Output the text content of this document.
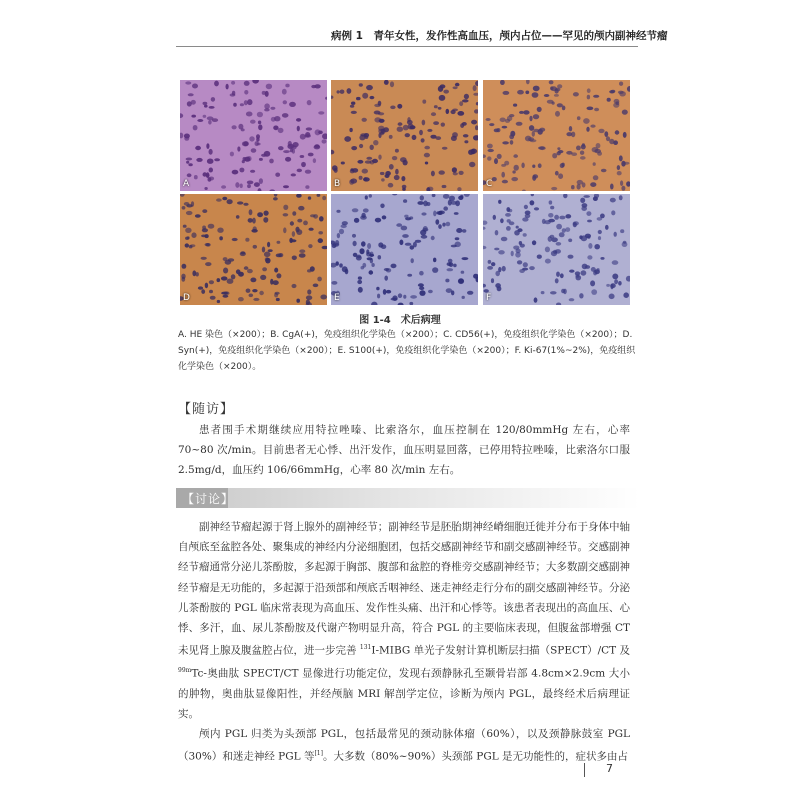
病例 1　青年女性，发作性高血压，颅内占位——罕见的颅内副神经节瘤
A	B	C
D	E	F
图 1-4　术后病理
A. HE 染色（×200）；B. CgA(+)，免疫组织化学染色（×200）；C. CD56(+)，免疫组织化学染色（×200）；D. Syn(+)，免疫组织化学染色（×200）；E. S100(+)，免疫组织化学染色（×200）；F. Ki-67(1%~2%)，免疫组织化学染色（×200）。
【随访】

患者围手术期继续应用特拉唑嗪、比索洛尔，血压控制在 120/80mmHg 左右，心率 70~80 次/min。目前患者无心悸、出汗发作，血压明显回落，已停用特拉唑嗪，比索洛尔口服 2.5mg/d，血压约 106/66mmHg，心率 80 次/min 左右。

【讨论】

副神经节瘤起源于肾上腺外的副神经节；副神经节是胚胎期神经嵴细胞迁徙并分布于身体中轴自颅底至盆腔各处、聚集成的神经内分泌细胞团，包括交感副神经节和副交感副神经节。交感副神经节瘤通常分泌儿茶酚胺，多起源于胸部、腹部和盆腔的脊椎旁交感副神经节；大多数副交感副神经节瘤是无功能的，多起源于沿颈部和颅底舌咽神经、迷走神经走行分布的副交感副神经节。分泌儿茶酚胺的 PGL 临床常表现为高血压、发作性头痛、出汗和心悸等。该患者表现出的高血压、心悸、多汗，血、尿儿茶酚胺及代谢产物明显升高，符合 PGL 的主要临床表现，但腹盆部增强 CT 未见肾上腺及腹盆腔占位，进一步完善 $^{131}$I-MIBG 单光子发射计算机断层扫描（SPECT）/CT 及 $^{99m}$Tc-奥曲肽 SPECT/CT 显像进行功能定位，发现右颈静脉孔至颞骨岩部 4.8cm×2.9cm 大小的肿物，奥曲肽显像阳性，并经颅脑 MRI 解剖学定位，诊断为颅内 PGL，最终经术后病理证实。

颅内 PGL 归类为头颈部 PGL，包括最常见的颈动脉体瘤（60%），以及颈静脉鼓室 PGL（30%）和迷走神经 PGL 等[1]。大多数（80%~90%）头颈部 PGL 是无功能性的，症状多由占

7
